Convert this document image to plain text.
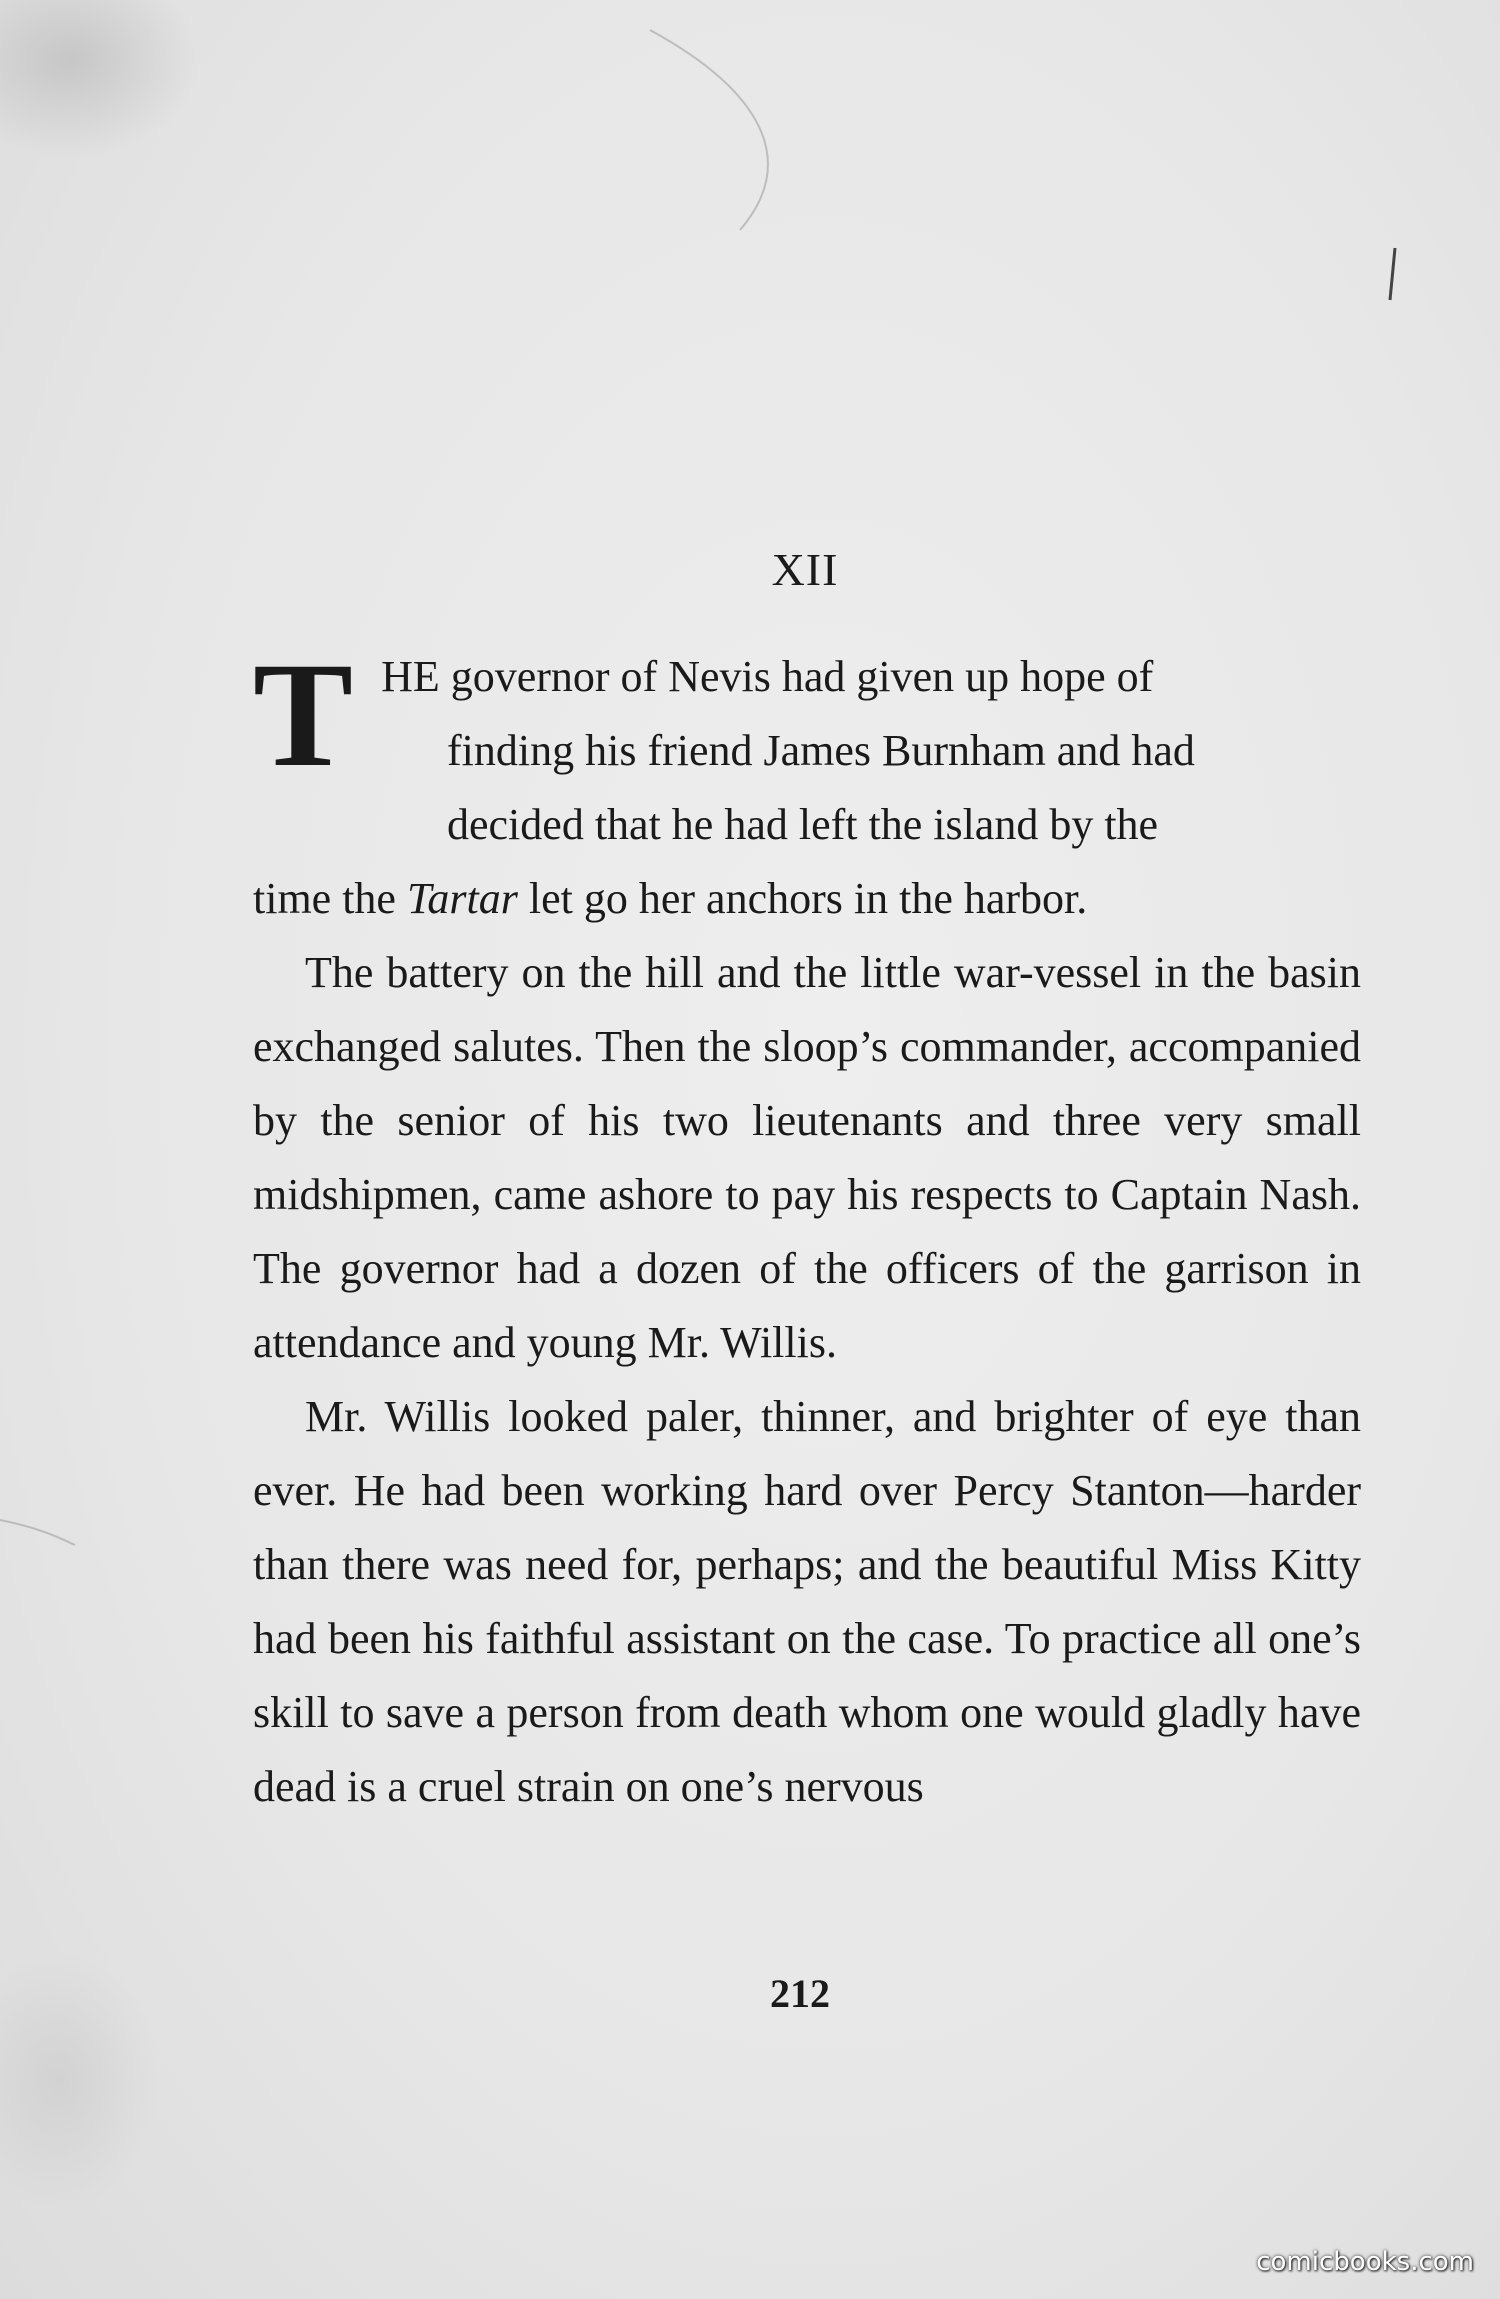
XII

THE governor of Nevis had given up hope of
finding his friend James Burnham and had
decided that he had left the island by the
time the Tartar let go her anchors in the harbor.

The battery on the hill and the little war-vessel in the basin exchanged salutes. Then the sloop’s commander, accompanied by the senior of his two lieutenants and three very small midshipmen, came ashore to pay his respects to Captain Nash. The governor had a dozen of the officers of the garrison in attendance and young Mr. Willis.

Mr. Willis looked paler, thinner, and brighter of eye than ever. He had been working hard over Percy Stanton—harder than there was need for, perhaps; and the beautiful Miss Kitty had been his faithful assistant on the case. To practice all one’s skill to save a person from death whom one would gladly have dead is a cruel strain on one’s nervous

212
comicbooks.com
